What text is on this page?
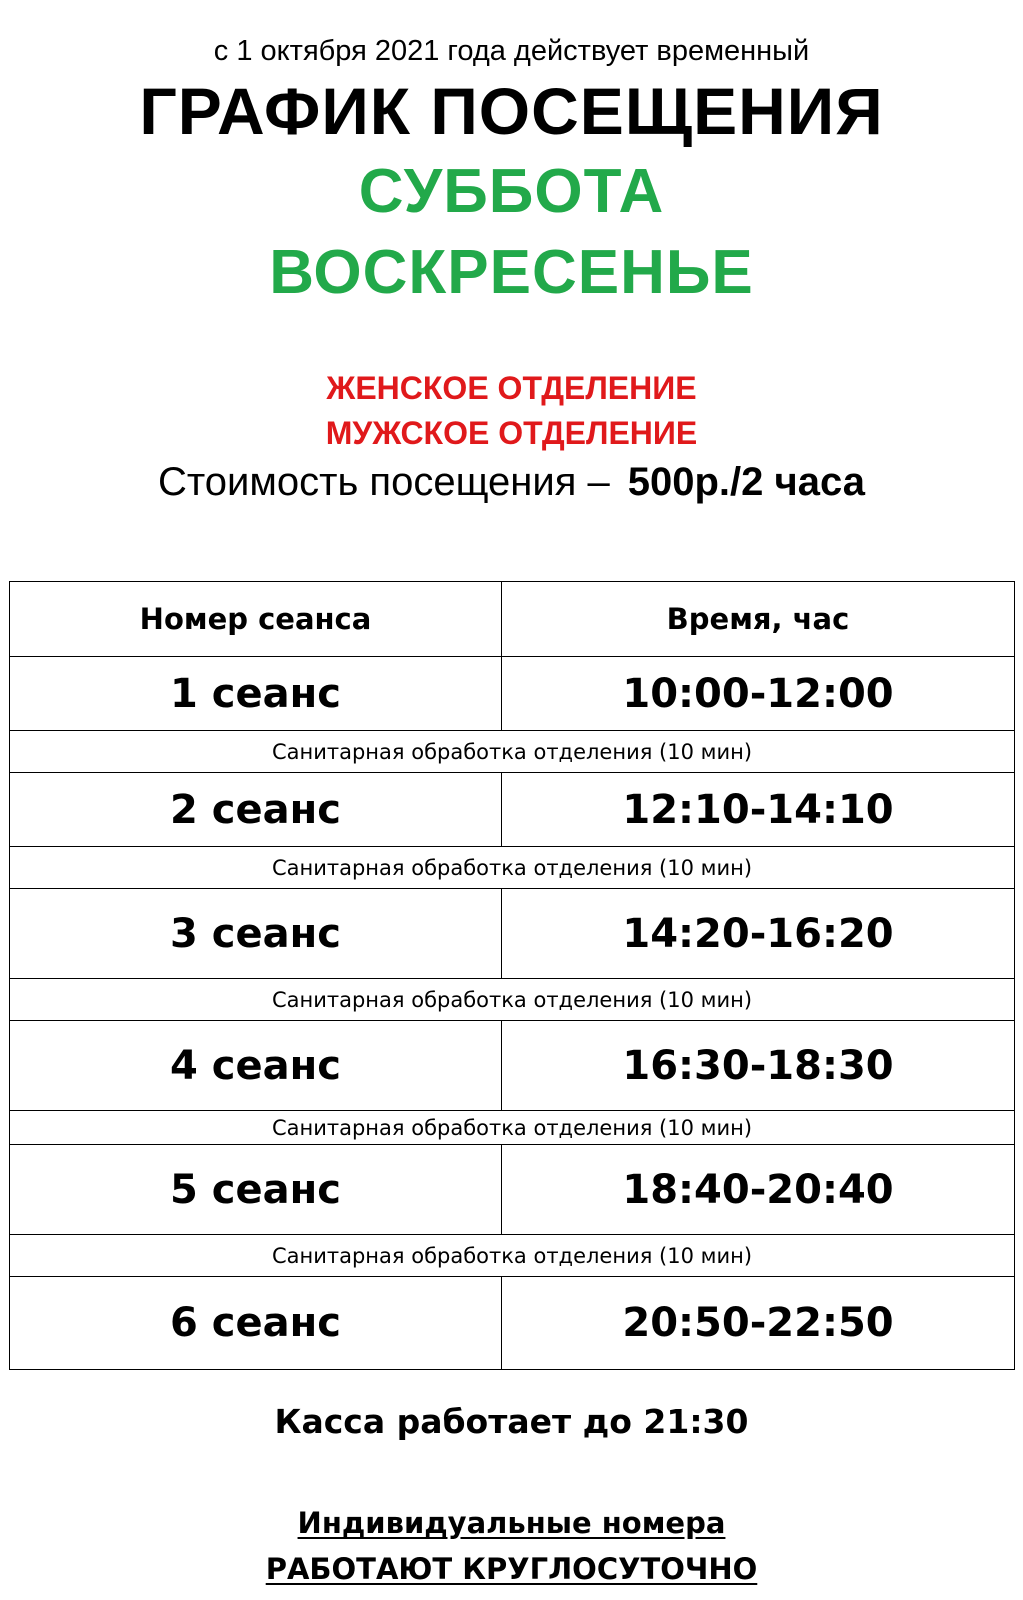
с 1 октября 2021 года действует временный
ГРАФИК ПОСЕЩЕНИЯ
СУББОТА
ВОСКРЕСЕНЬЕ
ЖЕНСКОЕ ОТДЕЛЕНИЕ
МУЖСКОЕ ОТДЕЛЕНИЕ
Стоимость посещения – 500р./2 часа
Номер сеанса	Время, час
1 сеанс	10:00-12:00
Санитарная обработка отделения (10 мин)
2 сеанс	12:10-14:10
Санитарная обработка отделения (10 мин)
3 сеанс	14:20-16:20
Санитарная обработка отделения (10 мин)
4 сеанс	16:30-18:30
Санитарная обработка отделения (10 мин)
5 сеанс	18:40-20:40
Санитарная обработка отделения (10 мин)
6 сеанс	20:50-22:50
Касса работает до 21:30
Индивидуальные номера
РАБОТАЮТ КРУГЛОСУТОЧНО
